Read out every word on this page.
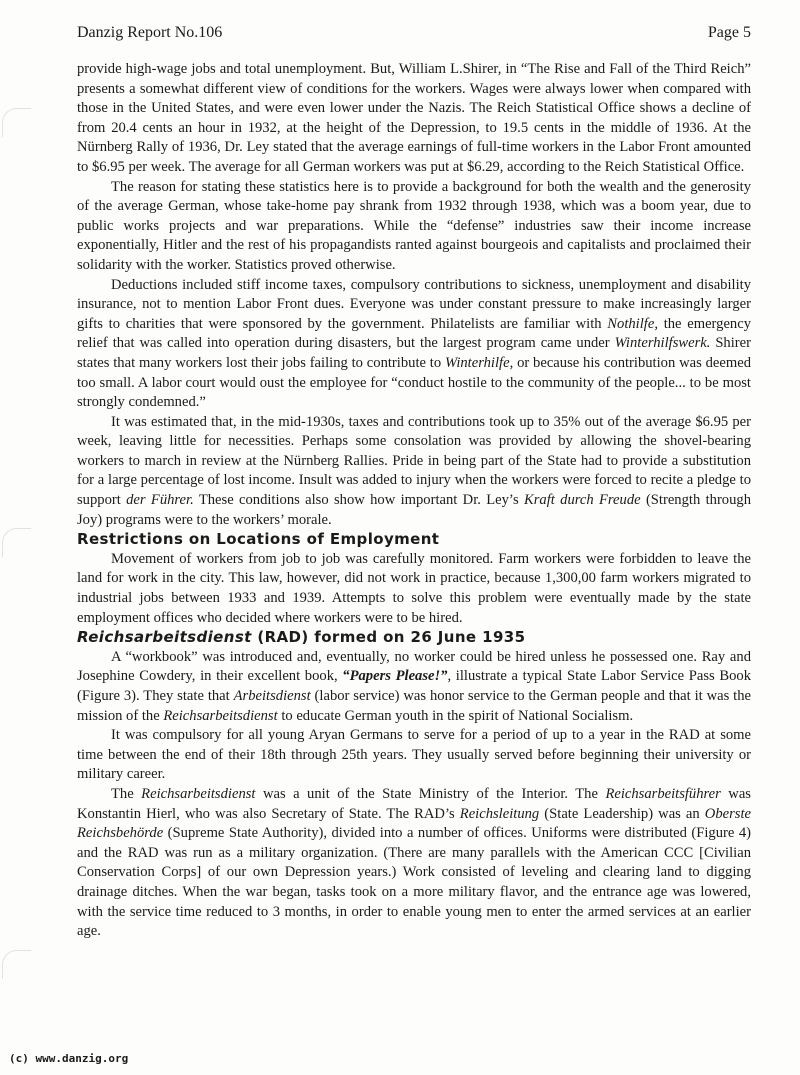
Danzig Report No.106	Page 5

provide high-wage jobs and total unemployment. But, William L.Shirer, in “The Rise and Fall of the Third Reich” presents a somewhat different view of conditions for the workers. Wages were always lower when compared with those in the United States, and were even lower under the Nazis. The Reich Statistical Office shows a decline of from 20.4 cents an hour in 1932, at the height of the Depression, to 19.5 cents in the middle of 1936. At the Nürnberg Rally of 1936, Dr. Ley stated that the average earnings of full-time workers in the Labor Front amounted to $6.95 per week. The average for all German workers was put at $6.29, according to the Reich Statistical Office.

The reason for stating these statistics here is to provide a background for both the wealth and the generosity of the average German, whose take-home pay shrank from 1932 through 1938, which was a boom year, due to public works projects and war preparations. While the “defense” industries saw their income increase exponentially, Hitler and the rest of his propagandists ranted against bourgeois and capitalists and proclaimed their solidarity with the worker. Statistics proved otherwise.

Deductions included stiff income taxes, compulsory contributions to sickness, unemployment and disability insurance, not to mention Labor Front dues. Everyone was under constant pressure to make increasingly larger gifts to charities that were sponsored by the government. Philatelists are familiar with Nothilfe, the emergency relief that was called into operation during disasters, but the largest program came under Winterhilfswerk. Shirer states that many workers lost their jobs failing to contribute to Winterhilfe, or because his contribution was deemed too small. A labor court would oust the employee for “conduct hostile to the community of the people... to be most strongly condemned.”

It was estimated that, in the mid-1930s, taxes and contributions took up to 35% out of the average $6.95 per week, leaving little for necessities. Perhaps some consolation was provided by allowing the shovel-bearing workers to march in review at the Nürnberg Rallies. Pride in being part of the State had to provide a substitution for a large percentage of lost income. Insult was added to injury when the workers were forced to recite a pledge to support der Führer. These conditions also show how important Dr. Ley’s Kraft durch Freude (Strength through Joy) programs were to the workers’ morale.

Restrictions on Locations of Employment

Movement of workers from job to job was carefully monitored. Farm workers were forbidden to leave the land for work in the city. This law, however, did not work in practice, because 1,300,00 farm workers migrated to industrial jobs between 1933 and 1939. Attempts to solve this problem were eventually made by the state employment offices who decided where workers were to be hired.

Reichsarbeitsdienst (RAD) formed on 26 June 1935

A “workbook” was introduced and, eventually, no worker could be hired unless he possessed one. Ray and Josephine Cowdery, in their excellent book, “Papers Please!”, illustrate a typical State Labor Service Pass Book (Figure 3). They state that Arbeitsdienst (labor service) was honor service to the German people and that it was the mission of the Reichsarbeitsdienst to educate German youth in the spirit of National Socialism.

It was compulsory for all young Aryan Germans to serve for a period of up to a year in the RAD at some time between the end of their 18th through 25th years. They usually served before beginning their university or military career.

The Reichsarbeitsdienst was a unit of the State Ministry of the Interior. The Reichsarbeitsführer was Konstantin Hierl, who was also Secretary of State. The RAD’s Reichsleitung (State Leadership) was an Oberste Reichsbehörde (Supreme State Authority), divided into a number of offices. Uniforms were distributed (Figure 4) and the RAD was run as a military organization. (There are many parallels with the American CCC [Civilian Conservation Corps] of our own Depression years.) Work consisted of leveling and clearing land to digging drainage ditches. When the war began, tasks took on a more military flavor, and the entrance age was lowered, with the service time reduced to 3 months, in order to enable young men to enter the armed services at an earlier age.

(c) www.danzig.org
